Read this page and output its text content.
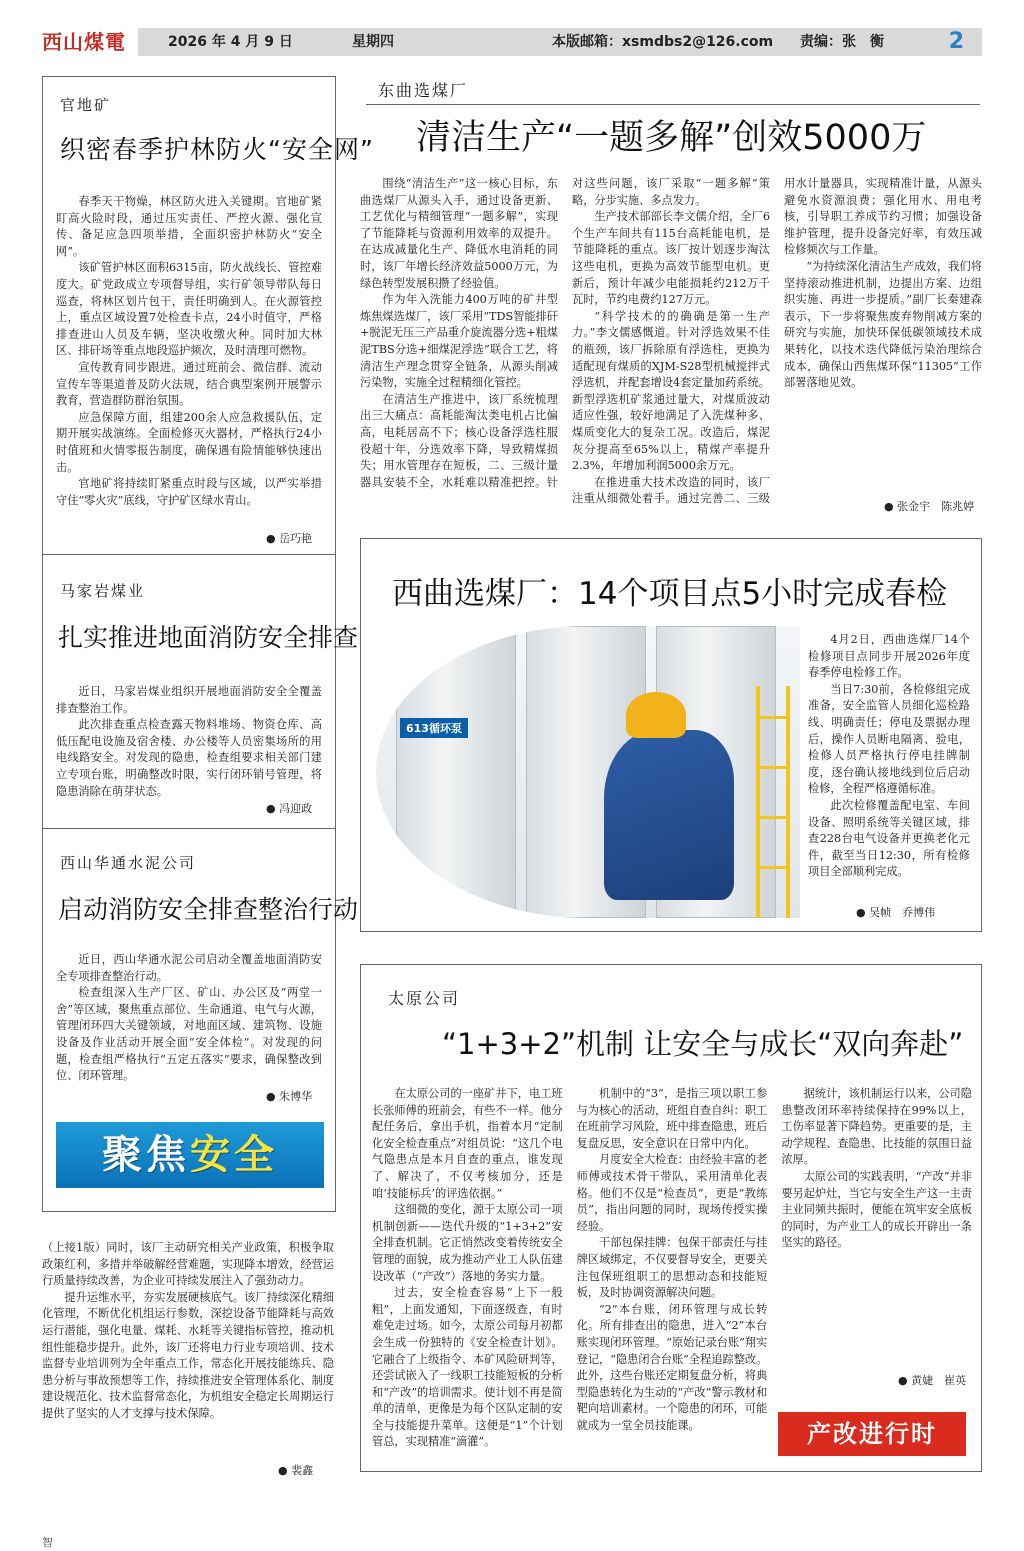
西山煤電	2026 年 4 月 9 日	星期四	本版邮箱：xsmdbs2@126.com 责编：张　衡	2
官地矿
织密春季护林防火“安全网”

春季天干物燥，林区防火进入关键期。官地矿紧盯高火险时段，通过压实责任、严控火源、强化宣传、备足应急四项举措，全面织密护林防火“安全网”。

该矿管护林区面积6315亩，防火战线长、管控难度大。矿党政成立专项督导组，实行矿领导带队每日巡查，将林区划片包干，责任明确到人。在火源管控上，重点区域设置7处检查卡点，24小时值守，严格排查进山人员及车辆，坚决收缴火种。同时加大林区、排矸场等重点地段巡护频次，及时清理可燃物。

宣传教育同步跟进。通过班前会、微信群、流动宣传车等渠道普及防火法规，结合典型案例开展警示教育，营造群防群治氛围。

应急保障方面，组建200余人应急救援队伍，定期开展实战演练。全面检修灭火器材，严格执行24小时值班和火情零报告制度，确保遇有险情能够快速出击。

官地矿将持续盯紧重点时段与区域，以严实举措守住“零火灾”底线，守护矿区绿水青山。

● 岳巧艳
马家岩煤业
扎实推进地面消防安全排查

近日，马家岩煤业组织开展地面消防安全全覆盖排查整治工作。

此次排查重点检查露天物料堆场、物资仓库、高低压配电设施及宿舍楼、办公楼等人员密集场所的用电线路安全。对发现的隐患，检查组要求相关部门建立专项台账，明确整改时限，实行闭环销号管理，将隐患消除在萌芽状态。

● 冯迎政
西山华通水泥公司
启动消防安全排查整治行动

近日，西山华通水泥公司启动全覆盖地面消防安全专项排查整治行动。

检查组深入生产厂区、矿山、办公区及“两堂一舍”等区域，聚焦重点部位、生命通道、电气与火源，管理闭环四大关键领域，对地面区域、建筑物、设施设备及作业活动开展全面“安全体检”。对发现的问题，检查组严格执行“五定五落实”要求，确保整改到位、闭环管理。

● 朱博华
聚焦安全

（上接1版）同时，该厂主动研究相关产业政策，积极争取政策红利，多措并举破解经营难题，实现降本增效，经营运行质量持续改善，为企业可持续发展注入了强劲动力。

提升运维水平，夯实发展硬核底气。该厂持续深化精细化管理，不断优化机组运行参数，深挖设备节能降耗与高效运行潜能，强化电量、煤耗、水耗等关键指标管控，推动机组性能稳步提升。此外，该厂还将电力行业专项培训、技术监督专业培训列为全年重点工作，常态化开展技能练兵、隐患分析与事故预想等工作，持续推进安全管理体系化、制度建设规范化、技术监督常态化，为机组安全稳定长周期运行提供了坚实的人才支撑与技术保障。

● 裴鑫
东曲选煤厂
清洁生产“一题多解”创效5000万

围绕“清洁生产”这一核心目标，东曲选煤厂从源头入手，通过设备更新、工艺优化与精细管理“一题多解”，实现了节能降耗与资源利用效率的双提升。在达成减量化生产、降低水电消耗的同时，该厂年增长经济效益5000万元，为绿色转型发展积攒了经验值。

作为年入洗能力400万吨的矿井型炼焦煤选煤厂，该厂采用“TDS智能排矸+脱泥无压三产品重介旋流器分选+粗煤泥TBS分选+细煤泥浮选”联合工艺，将清洁生产理念贯穿全链条，从源头削减污染物，实施全过程精细化管控。

在清洁生产推进中，该厂系统梳理出三大痛点：高耗能淘汰类电机占比偏高，电耗居高不下；核心设备浮选柱服役超十年，分选效率下降，导致精煤损失；用水管理存在短板，二、三级计量器具安装不全，水耗难以精准把控。针对这些问题，该厂采取“一题多解”策略，分步实施、多点发力。

生产技术部部长李文儒介绍，全厂6个生产车间共有115台高耗能电机，是节能降耗的重点。该厂按计划逐步淘汰这些电机，更换为高效节能型电机。更新后，预计年减少电能损耗约212万千瓦时，节约电费约127万元。

“科学技术的的确确是第一生产力。”李文儒感慨道。针对浮选效果不佳的瓶颈，该厂拆除原有浮选柱，更换为适配现有煤质的XJM-S28型机械搅拌式浮选机，并配套增设4套定量加药系统。新型浮选机矿浆通过量大，对煤质波动适应性强，较好地满足了入洗煤种多、煤质变化大的复杂工况。改造后，煤泥灰分提高至65%以上，精煤产率提升2.3%，年增加利润5000余万元。

在推进重大技术改造的同时，该厂注重从细微处着手。通过完善二、三级用水计量器具，实现精准计量，从源头避免水资源浪费；强化用水、用电考核，引导职工养成节约习惯；加强设备维护管理，提升设备完好率，有效压减检修频次与工作量。

“为持续深化清洁生产成效，我们将坚持滚动推进机制，边提出方案、边组织实施、再进一步提质。”副厂长秦建森表示，下一步将聚焦废弃物削减方案的研究与实施，加快环保低碳领域技术成果转化，以技术迭代降低污染治理综合成本，确保山西焦煤环保“11305”工作部署落地见效。

● 张金宇　陈兆婷
西曲选煤厂：14个项目点5小时完成春检
613循环泵

4月2日，西曲选煤厂14个检修项目点同步开展2026年度春季停电检修工作。

当日7:30前，各检修组完成准备，安全监管人员细化巡检路线、明确责任；停电及票据办理后，操作人员断电隔离、验电，检修人员严格执行停电挂牌制度，逐台确认接地线到位后启动检修，全程严格遵循标准。

此次检修覆盖配电室、车间设备、照明系统等关键区域，排查228台电气设备并更换老化元件，截至当日12:30，所有检修项目全部顺利完成。

● 吴帧　乔博伟
太原公司
“1+3+2”机制 让安全与成长“双向奔赴”

在太原公司的一座矿井下，电工班长张师傅的班前会，有些不一样。他分配任务后，拿出手机，指着本月“定制化安全检查重点”对组员说：“这几个电气隐患点是本月自查的重点，谁发现了、解决了，不仅考核加分，还是咱‘技能标兵’的评选依据。”

这细微的变化，源于太原公司一项机制创新——迭代升级的“1+3+2”安全排查机制。它正悄然改变着传统安全管理的面貌，成为推动产业工人队伍建设改革（“产改”）落地的务实力量。

过去，安全检查容易“上下一般粗”，上面发通知，下面逐级查，有时难免走过场。如今，太原公司每月初都会生成一份独特的《安全检查计划》。它融合了上级指令、本矿风险研判等，还尝试嵌入了一线职工技能短板的分析和“产改”的培训需求。使计划不再是简单的清单，更像是为每个区队定制的安全与技能提升菜单。这便是“1”个计划管总，实现精准“滴灌”。

机制中的“3”，是指三项以职工参与为核心的活动，班组自查自纠：职工在班前学习风险，班中排查隐患，班后复盘反思，安全意识在日常中内化。

月度安全大检查：由经验丰富的老师傅或技术骨干带队，采用清单化表格。他们不仅是“检查员”，更是“教练员”，指出问题的同时，现场传授实操经验。

干部包保挂牌：包保干部责任与挂牌区域绑定，不仅要督导安全，更要关注包保班组职工的思想动态和技能短板，及时协调资源解决问题。

“2”本台账，闭环管理与成长转化。所有排查出的隐患，进入“2”本台账实现闭环管理。“原始记录台账”翔实登记，“隐患闭合台账”全程追踪整改。此外，这些台账还定期复盘分析，将典型隐患转化为生动的“产改”警示教材和靶向培训素材。一个隐患的闭环，可能就成为一堂全员技能课。

据统计，该机制运行以来，公司隐患整改闭环率持续保持在99%以上，工伤率显著下降趋势。更重要的是，主动学规程、查隐患、比技能的氛围日益浓厚。

太原公司的实践表明，“产改”并非要另起炉灶，当它与安全生产这一主责主业同频共振时，便能在筑牢安全底板的同时，为产业工人的成长开辟出一条坚实的路径。

● 黄婕　崔英
产改进行时
智
